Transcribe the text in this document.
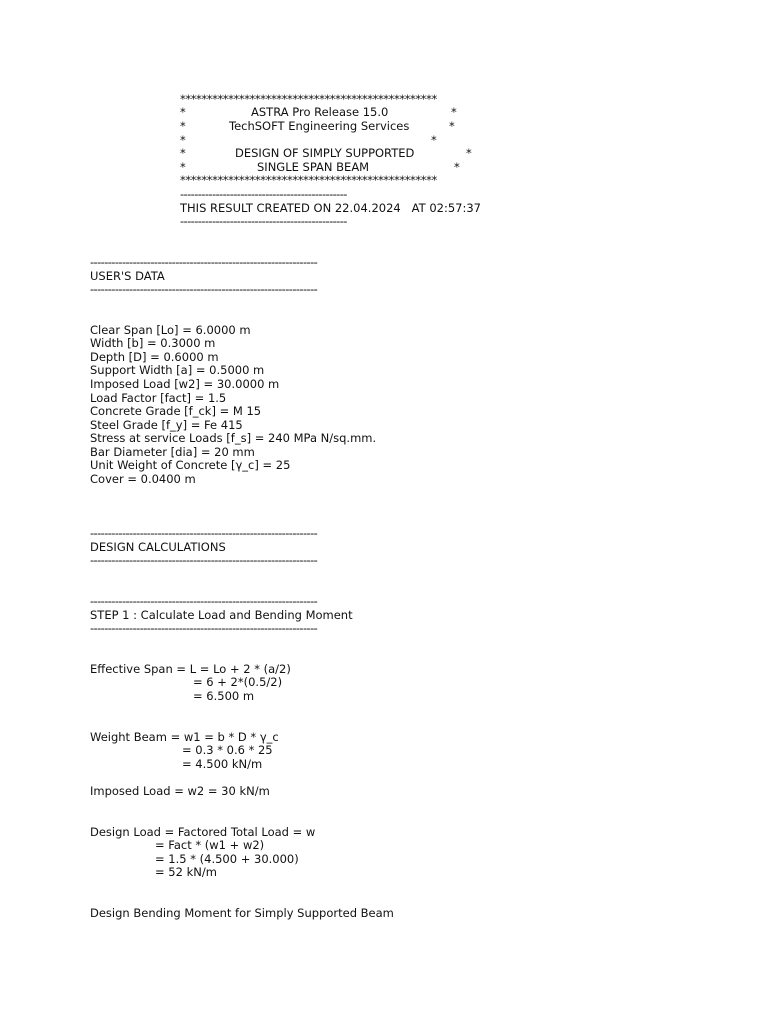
************************************************
*	ASTRA Pro Release 15.0	*
*	TechSOFT Engineering Services	*
*	*
*	DESIGN OF SIMPLY SUPPORTED	*
*	SINGLE SPAN BEAM	*
************************************************
-----------------------------------------------
THIS RESULT CREATED ON 22.04.2024   AT 02:57:37
-----------------------------------------------
----------------------------------------------------------------
USER'S DATA
----------------------------------------------------------------
Clear Span [Lo] = 6.0000 m
Width [b] = 0.3000 m
Depth [D] = 0.6000 m
Support Width [a] = 0.5000 m
Imposed Load [w2] = 30.0000 m
Load Factor [fact] = 1.5
Concrete Grade [f_ck] = M 15
Steel Grade [f_y] = Fe 415
Stress at service Loads [f_s] = 240 MPa N/sq.mm.
Bar Diameter [dia] = 20 mm
Unit Weight of Concrete [γ_c] = 25
Cover = 0.0400 m
----------------------------------------------------------------
DESIGN CALCULATIONS
----------------------------------------------------------------
----------------------------------------------------------------
STEP 1 : Calculate Load and Bending Moment
----------------------------------------------------------------
Effective Span = L = Lo + 2 * (a/2)
= 6 + 2*(0.5/2)
= 6.500 m
Weight Beam = w1 = b * D * γ_c
= 0.3 * 0.6 * 25
= 4.500 kN/m
Imposed Load = w2 = 30 kN/m
Design Load = Factored Total Load = w
= Fact * (w1 + w2)
= 1.5 * (4.500 + 30.000)
= 52 kN/m
Design Bending Moment for Simply Supported Beam
